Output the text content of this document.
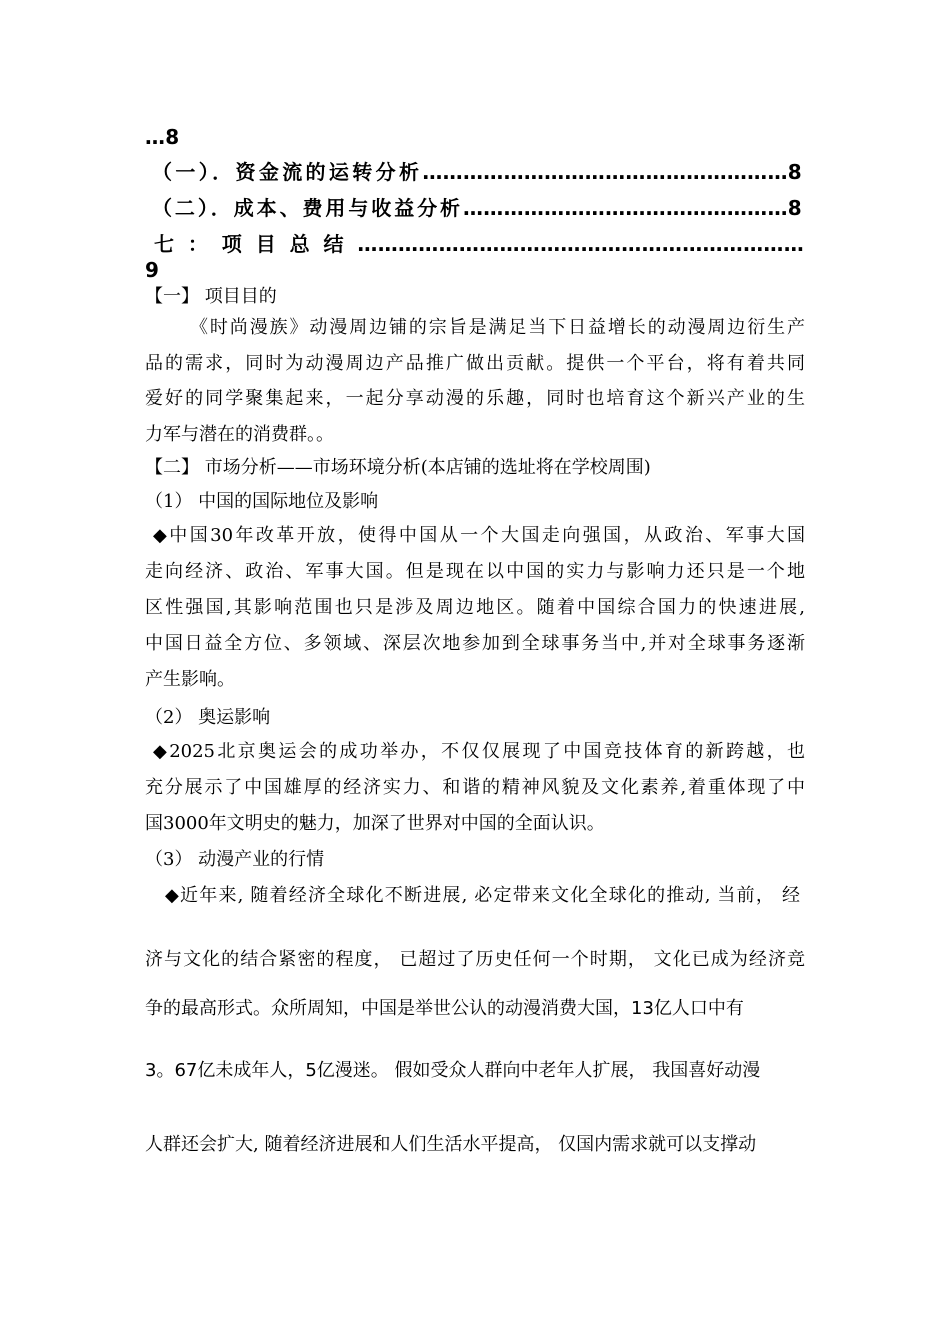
…8
（一）．资金流的运转分析………………………………………………8
（二）．成本、费用与收益分析…………………………………………8
七：项目总结…………………………………………………………
9
【一】 项目目的
《时尚漫族》动漫周边铺的宗旨是满足当下日益增长的动漫周边衍生产
品的需求，同时为动漫周边产品推广做出贡献。提供一个平台，将有着共同
爱好的同学聚集起来，一起分享动漫的乐趣，同时也培育这个新兴产业的生
力军与潜在的消费群。。
【二】 市场分析——市场环境分析(本店铺的选址将在学校周围)
（1） 中国的国际地位及影响
◆中国30年改革开放，使得中国从一个大国走向强国，从政治、军事大国
走向经济、政治、军事大国。但是现在以中国的实力与影响力还只是一个地
区性强国,其影响范围也只是涉及周边地区。随着中国综合国力的快速进展,
中国日益全方位、多领域、深层次地参加到全球事务当中,并对全球事务逐渐
产生影响。
（2） 奥运影响
◆2025北京奥运会的成功举办，不仅仅展现了中国竞技体育的新跨越，也
充分展示了中国雄厚的经济实力、和谐的精神风貌及文化素养,着重体现了中
国3000年文明史的魅力，加深了世界对中国的全面认识。
（3） 动漫产业的行情
◆近年来, 随着经济全球化不断进展, 必定带来文化全球化的推动, 当前， 经
济与文化的结合紧密的程度， 已超过了历史任何一个时期， 文化已成为经济竞
争的最高形式。众所周知，中国是举世公认的动漫消费大国，13亿人口中有
3。67亿未成年人，5亿漫迷。 假如受众人群向中老年人扩展， 我国喜好动漫
人群还会扩大, 随着经济进展和人们生活水平提高， 仅国内需求就可以支撑动
